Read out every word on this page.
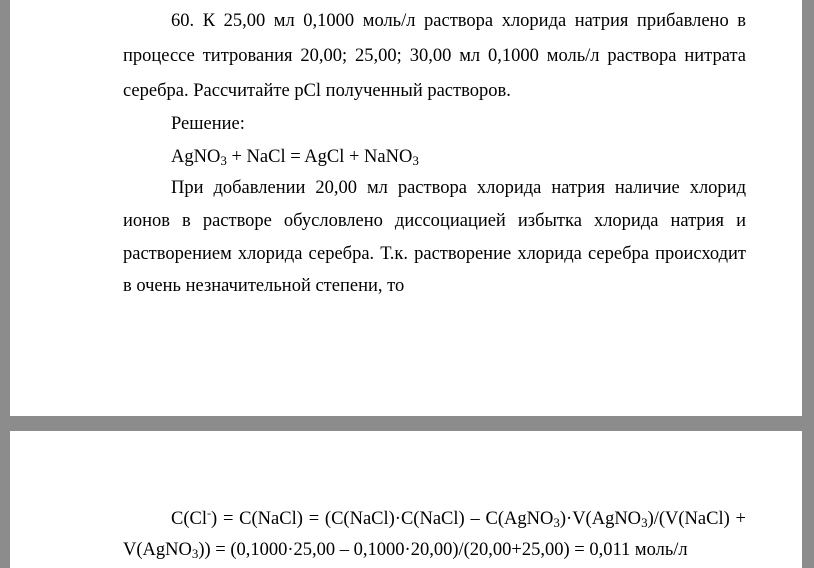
60. К 25,00 мл 0,1000 моль/л раствора хлорида натрия прибавлено в
процессе титрования 20,00; 25,00; 30,00 мл 0,1000 моль/л раствора нитрата
серебра. Рассчитайте pCl полученный растворов.
Решение:
AgNO$_3$ + NaCl = AgCl + NaNO$_3$
При добавлении 20,00 мл раствора хлорида натрия наличие хлорид
ионов в растворе обусловлено диссоциацией избытка хлорида натрия и
растворением хлорида серебра. Т.к. растворение хлорида серебра происходит
в очень незначительной степени, то
C(Cl-) = C(NaCl) = (C(NaCl)·C(NaCl) – C(AgNO$_3$)·V(AgNO$_3$)/(V(NaCl) +
V(AgNO$_3$)) = (0,1000·25,00 – 0,1000·20,00)/(20,00+25,00) = 0,011 моль/л
